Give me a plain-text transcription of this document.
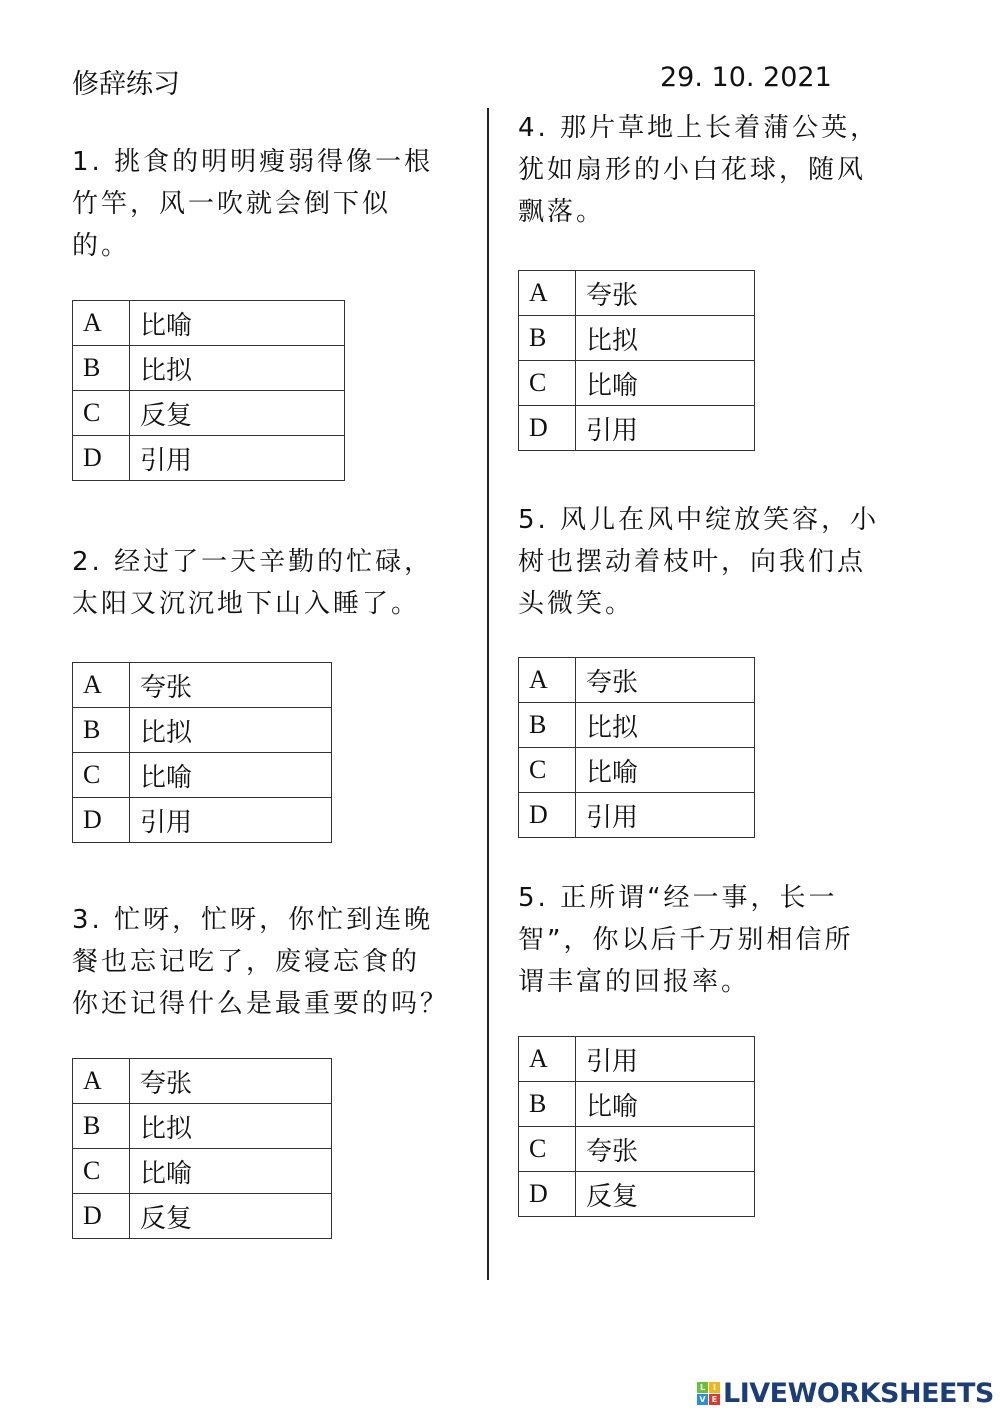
修辞练习	29. 10. 2021
1. 挑食的明明瘦弱得像一根
竹竿，风一吹就会倒下似
的。
A	比喻
B	比拟
C	反复
D	引用
2. 经过了一天辛勤的忙碌，
太阳又沉沉地下山入睡了。
A	夸张
B	比拟
C	比喻
D	引用
3. 忙呀，忙呀，你忙到连晚
餐也忘记吃了，废寝忘食的
你还记得什么是最重要的吗？
A	夸张
B	比拟
C	比喻
D	反复
4. 那片草地上长着蒲公英，
犹如扇形的小白花球，随风
飘落。
A	夸张
B	比拟
C	比喻
D	引用
5. 风儿在风中绽放笑容，小
树也摆动着枝叶，向我们点
头微笑。
A	夸张
B	比拟
C	比喻
D	引用
5. 正所谓“经一事，长一
智”，你以后千万别相信所
谓丰富的回报率。
A	引用
B	比喻
C	夸张
D	反复
L I
V E LIVEWORKSHEETS
